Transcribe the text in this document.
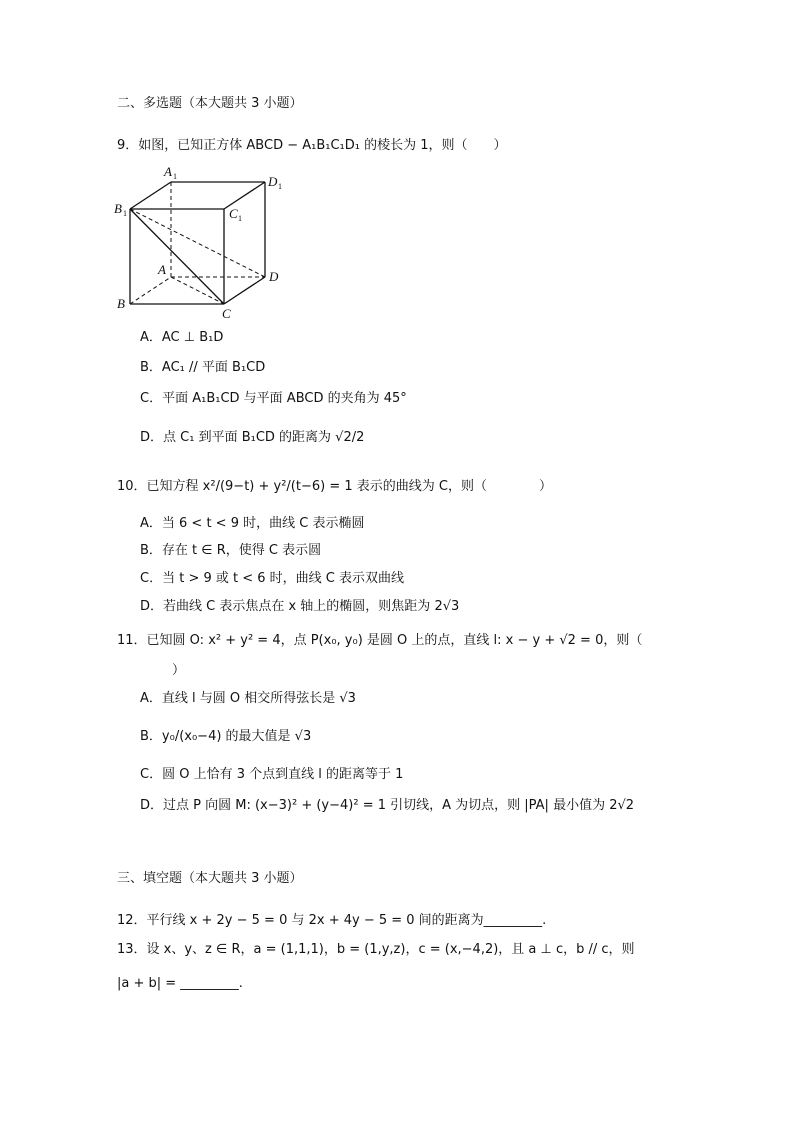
二、多选题（本大题共 3 小题）
9．如图，已知正方体 ABCD − A₁B₁C₁D₁ 的棱长为 1，则（　　）
A 1	D 1
B 1	C 1
A	D
B
C
A．AC ⊥ B₁D
B．AC₁ // 平面 B₁CD
C．平面 A₁B₁CD 与平面 ABCD 的夹角为 45°
D．点 C₁ 到平面 B₁CD 的距离为 √2/2
10．已知方程 x²/(9−t) + y²/(t−6) = 1 表示的曲线为 C，则（　　　　）
A．当 6 < t < 9 时，曲线 C 表示椭圆
B．存在 t ∈ R，使得 C 表示圆
C．当 t > 9 或 t < 6 时，曲线 C 表示双曲线
D．若曲线 C 表示焦点在 x 轴上的椭圆，则焦距为 2√3
11．已知圆 O: x² + y² = 4，点 P(x₀, y₀) 是圆 O 上的点，直线 l: x − y + √2 = 0，则（
）
A．直线 l 与圆 O 相交所得弦长是 √3
B．y₀/(x₀−4) 的最大值是 √3
C．圆 O 上恰有 3 个点到直线 l 的距离等于 1
D．过点 P 向圆 M: (x−3)² + (y−4)² = 1 引切线，A 为切点，则 |PA| 最小值为 2√2
三、填空题（本大题共 3 小题）
12．平行线 x + 2y − 5 = 0 与 2x + 4y − 5 = 0 间的距离为_________.
13．设 x、y、z ∈ R，a = (1,1,1)，b = (1,y,z)，c = (x,−4,2)，且 a ⊥ c，b // c，则
|a + b| = _________.
